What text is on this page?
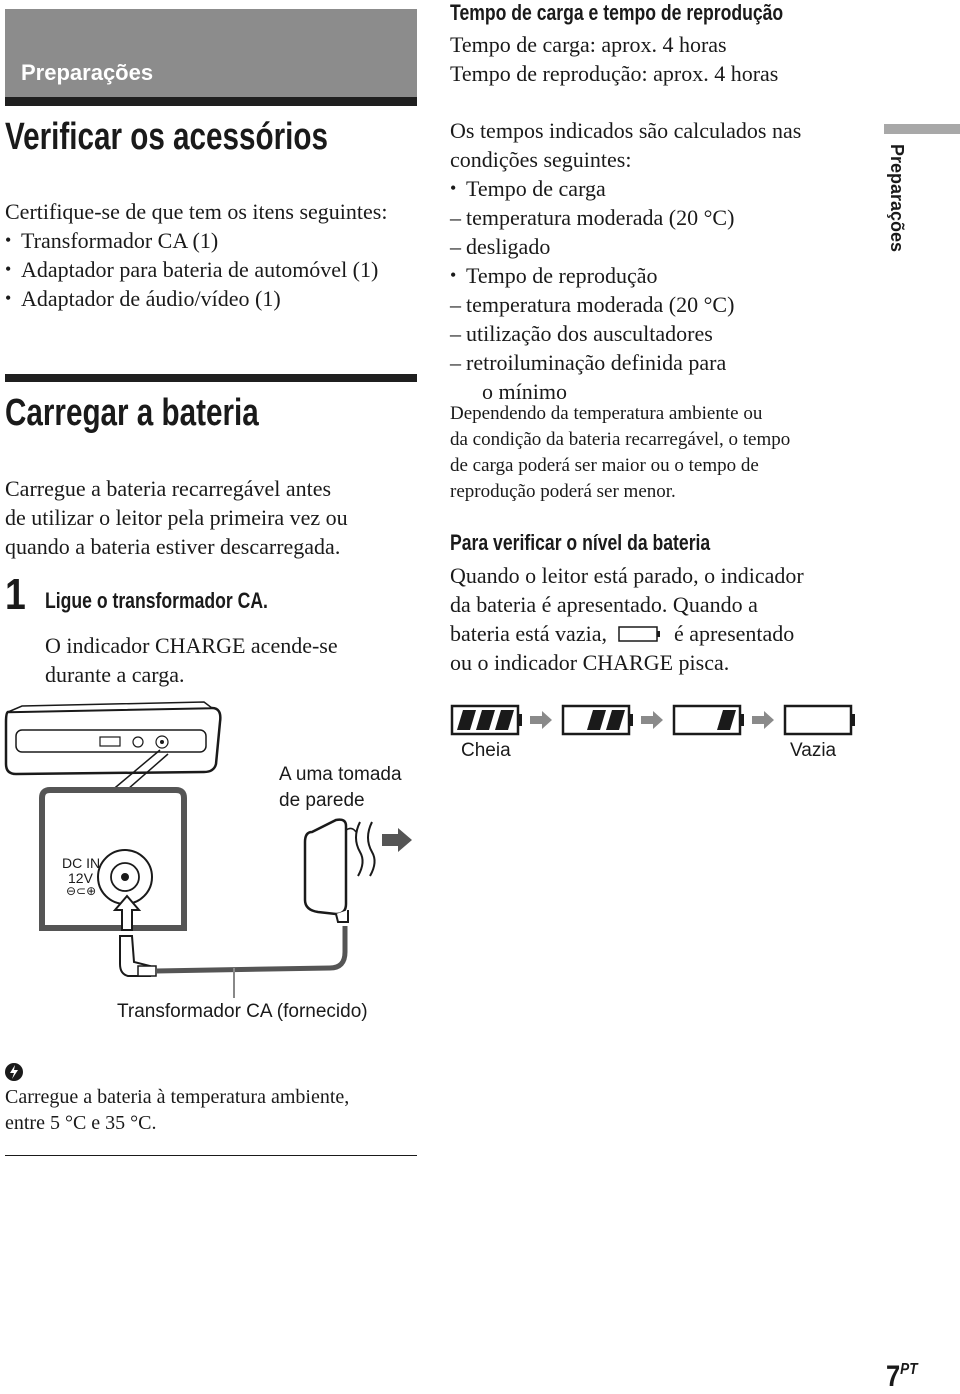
Preparações
Verificar os acessórios
Certifique-se de que tem os itens seguintes:
• Transformador CA (1)
• Adaptador para bateria de automóvel (1)
• Adaptador de áudio/vídeo (1)
Carregar a bateria
Carregue a bateria recarregável antes
de utilizar o leitor pela primeira vez ou
quando a bateria estiver descarregada.
1 Ligue o transformador CA.
O indicador CHARGE acende-se
durante a carga.
DC IN
12V
⊖⊂⊕
A uma tomada
de parede
Transformador CA (fornecido)
Carregue a bateria à temperatura ambiente,
entre 5 °C e 35 °C.
Tempo de carga e tempo de reprodução
Tempo de carga: aprox. 4 horas
Tempo de reprodução: aprox. 4 horas
Os tempos indicados são calculados nas
condições seguintes:
• Tempo de carga
– temperatura moderada (20 °C)
– desligado
• Tempo de reprodução
– temperatura moderada (20 °C)
– utilização dos auscultadores
– retroiluminação definida para
o mínimo
Dependendo da temperatura ambiente ou
da condição da bateria recarregável, o tempo
de carga poderá ser maior ou o tempo de
reprodução poderá ser menor.
Para verificar o nível da bateria
Quando o leitor está parado, o indicador
da bateria é apresentado. Quando a
bateria está vazia,	é apresentado
ou o indicador CHARGE pisca.
Cheia	Vazia
Preparações
$7^{PT}$
